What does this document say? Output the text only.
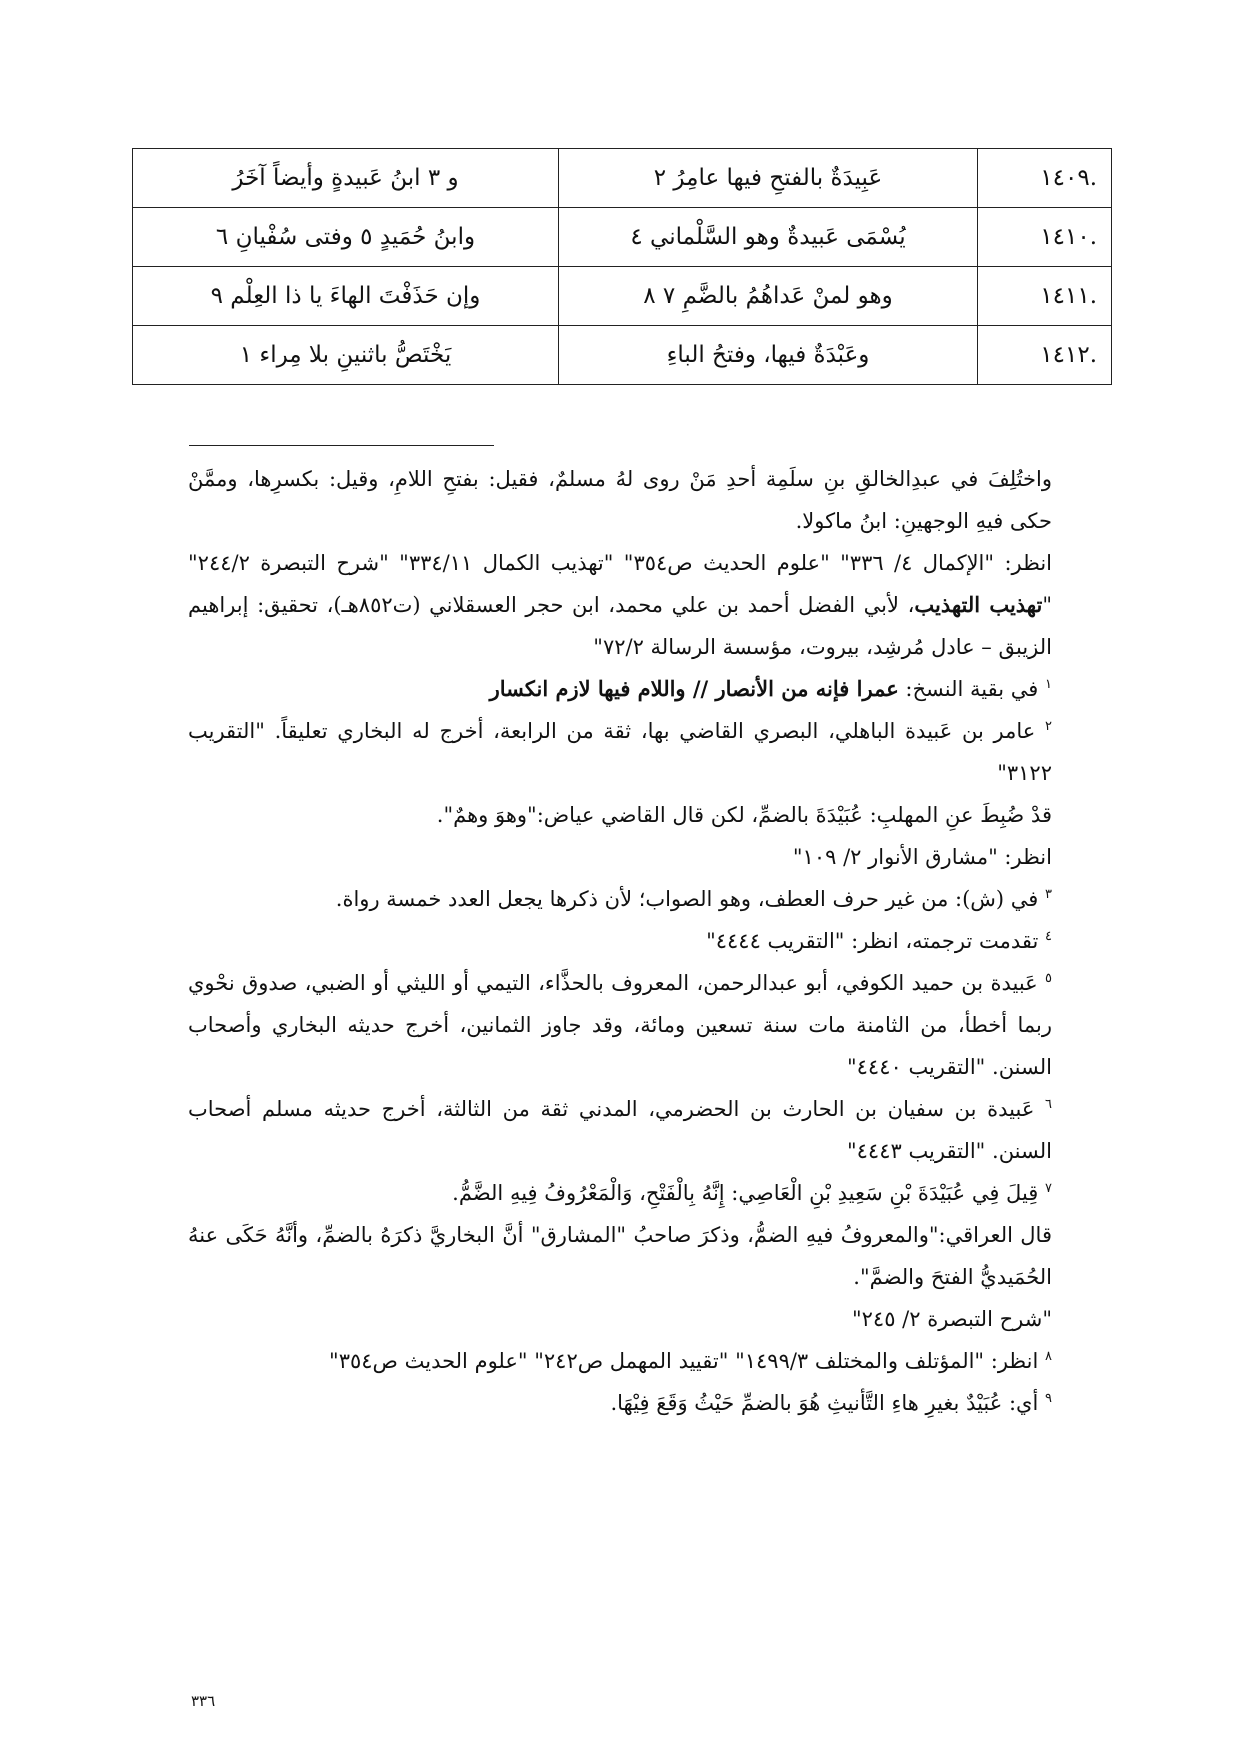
.١٤٠٩	عَبِيدَةٌ بالفتحِ فيها عامِرُ ٢	و ٣ ابنُ عَبيدةٍ وأيضاً آخَرُ
.١٤١٠	يُسْمَى عَبيدةٌ وهو السَّلْماني ٤	وابنُ حُمَيدٍ ٥ وفتى سُفْيانِ ٦
.١٤١١	وهو لمنْ عَداهُمُ بالضَّمِ ٧ ٨	وإن حَذَفْتَ الهاءَ يا ذا العِلْم ٩
.١٤١٢	وعَبْدَةٌ فيها، وفتحُ الباءِ	يَخْتَصُّ باثنينِ بلا مِراء ١

واختُلِفَ في عبدِالخالقِ بنِ سلَمِة أحدِ مَنْ روى لهُ مسلمٌ، فقيل: بفتحِ اللامِ، وقيل: بكسرِها، وممَّنْ حكى فيهِ الوجهينِ: ابنُ ماكولا.

انظر: "الإكمال ٤/ ٣٣٦" "علوم الحديث ص٣٥٤" "تهذيب الكمال ٣٣٤/١١" "شرح التبصرة ٢٤٤/٢" "تهذيب التهذيب، لأبي الفضل أحمد بن علي محمد، ابن حجر العسقلاني (ت٨٥٢هـ)، تحقيق: إبراهيم الزيبق – عادل مُرشِد، بيروت، مؤسسة الرسالة ٧٢/٢"

$^١$ في بقية النسخ: عمرا فإنه من الأنصار // واللام فيها لازم انكسار

$^٢$ عامر بن عَبيدة الباهلي، البصري القاضي بها، ثقة من الرابعة، أخرج له البخاري تعليقاً. "التقريب ٣١٢٢"

قدْ ضُبِطَ عنِ المهلبِ: عُبَيْدَةَ بالضمِّ، لكن قال القاضي عياض:"وهوَ وهمٌ".

انظر: "مشارق الأنوار ٢/ ١٠٩"

$^٣$ في (ش): من غير حرف العطف، وهو الصواب؛ لأن ذكرها يجعل العدد خمسة رواة.

$^٤$ تقدمت ترجمته، انظر: "التقريب ٤٤٤٤"

$^٥$ عَبيدة بن حميد الكوفي، أبو عبدالرحمن، المعروف بالحذَّاء، التيمي أو الليثي أو الضبي، صدوق نحْوي ربما أخطأ، من الثامنة مات سنة تسعين ومائة، وقد جاوز الثمانين، أخرج حديثه البخاري وأصحاب السنن. "التقريب ٤٤٤٠"

$^٦$ عَبيدة بن سفيان بن الحارث بن الحضرمي، المدني ثقة من الثالثة، أخرج حديثه مسلم أصحاب السنن. "التقريب ٤٤٤٣"

$^٧$ قِيلَ فِي عُبَيْدَةَ بْنِ سَعِيدِ بْنِ الْعَاصِي: إِنَّهُ بِالْفَتْحِ، وَالْمَعْرُوفُ فِيهِ الضَّمُّ.

قال العراقي:"والمعروفُ فيهِ الضمُّ، وذكرَ صاحبُ "المشارق" أنَّ البخاريَّ ذكرَهُ بالضمِّ، وأنَّهُ حَكَى عنهُ الحُمَيديُّ الفتحَ والضمَّ".

"شرح التبصرة ٢/ ٢٤٥"

$^٨$ انظر: "المؤتلف والمختلف ١٤٩٩/٣" "تقييد المهمل ص٢٤٢" "علوم الحديث ص٣٥٤"

$^٩$ أي: عُبَيْدٌ بغيرِ هاءِ التَّأنيثِ هُوَ بالضمِّ حَيْثُ وَقَعَ فِيْهَا.

٣٣٦
